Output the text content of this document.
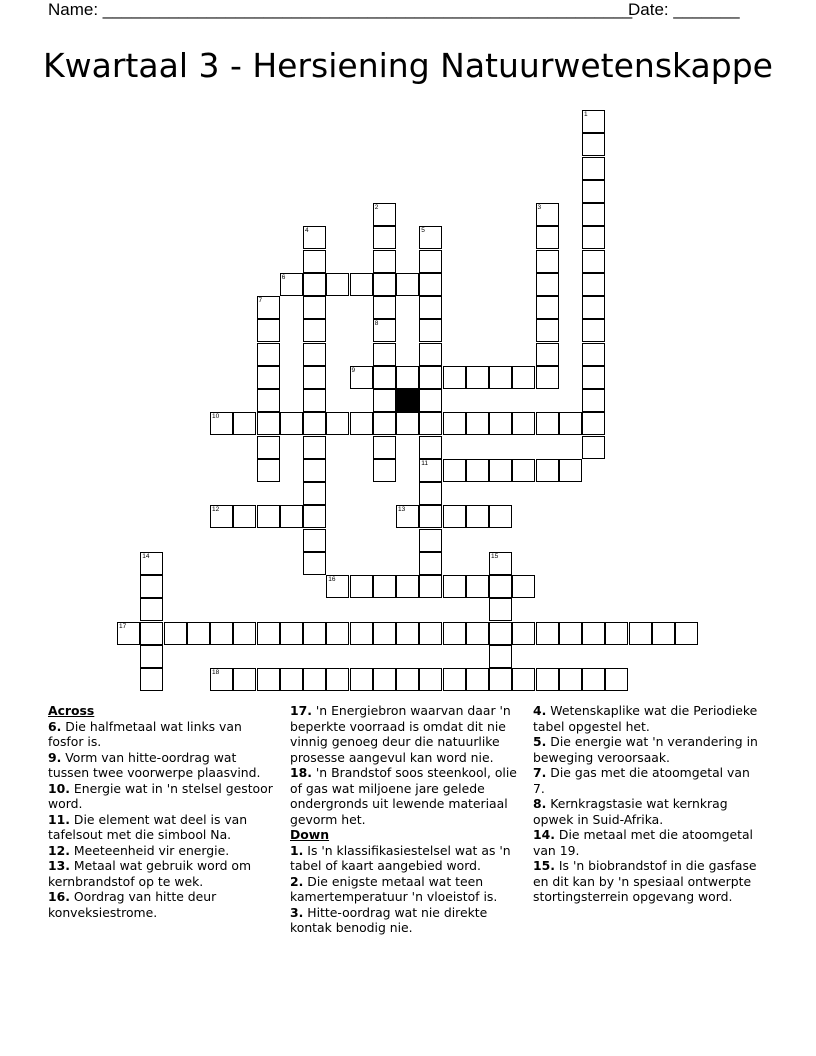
Name: ________________________________________________________
Date: _______
Kwartaal 3 - Hersiening Natuurwetenskappe
1
2
8
3
4	5
11
6
7
9
10
12	13
14	15
16
17
18

Across

6. Die halfmetaal wat links van fosfor is.

9. Vorm van hitte-oordrag wat tussen twee voorwerpe plaasvind.

10. Energie wat in 'n stelsel gestoor word.

11. Die element wat deel is van tafelsout met die simbool Na.

12. Meeteenheid vir energie.

13. Metaal wat gebruik word om kernbrandstof op te wek.

16. Oordrag van hitte deur konveksiestrome.

17. 'n Energiebron waarvan daar 'n beperkte voorraad is omdat dit nie vinnig genoeg deur die natuurlike prosesse aangevul kan word nie.

18. 'n Brandstof soos steenkool, olie of gas wat miljoene jare gelede ondergronds uit lewende materiaal gevorm het.

Down

1. Is 'n klassifikasiestelsel wat as 'n tabel of kaart aangebied word.

2. Die enigste metaal wat teen kamertemperatuur 'n vloeistof is.

3. Hitte-oordrag wat nie direkte kontak benodig nie.

4. Wetenskaplike wat die Periodieke tabel opgestel het.

5. Die energie wat 'n verandering in beweging veroorsaak.

7. Die gas met die atoomgetal van 7.

8. Kernkragstasie wat kernkrag opwek in Suid-Afrika.

14. Die metaal met die atoomgetal van 19.

15. Is 'n biobrandstof in die gasfase en dit kan by 'n spesiaal ontwerpte stortingsterrein opgevang word.
